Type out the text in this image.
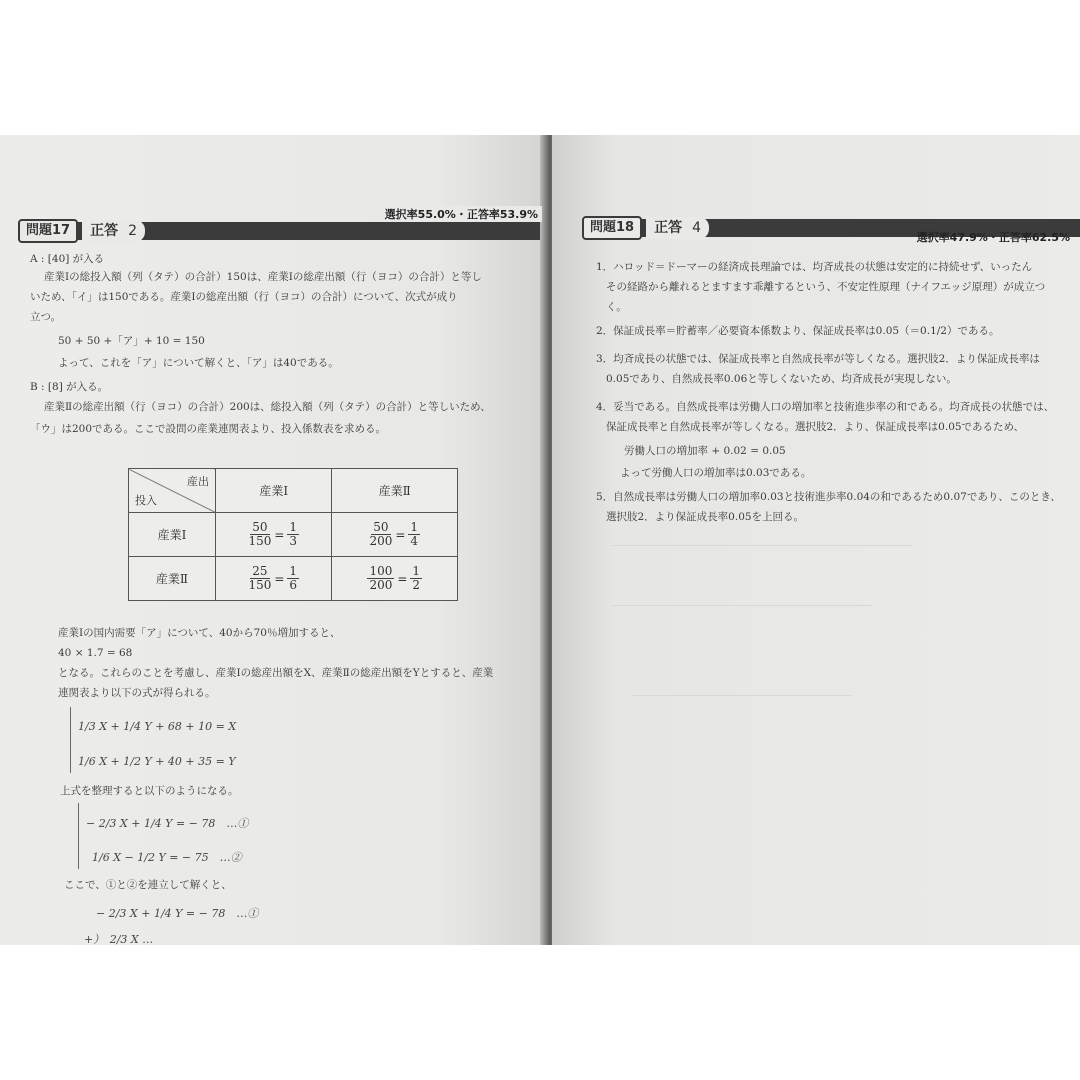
問題17	正答 2
選択率55.0%・正答率53.9%
A : [40] が入る
産業Ⅰの総投入額（列（タテ）の合計）150は、産業Ⅰの総産出額（行（ヨコ）の合計）と等し
いため、「イ」は150である。産業Ⅰの総産出額（行（ヨコ）の合計）について、次式が成り
立つ。
50 + 50 +「ア」+ 10 = 150
よって、これを「ア」について解くと、「ア」は40である。
B : [8] が入る。
産業Ⅱの総産出額（行（ヨコ）の合計）200は、総投入額（列（タテ）の合計）と等しいため、
「ウ」は200である。ここで設問の産業連関表より、投入係数表を求める。
産出
投入	産業Ⅰ	産業Ⅱ
産業Ⅰ	$\frac{50}{150} = \frac{1}{3}$	$\frac{50}{200} = \frac{1}{4}$

産業Ⅱ	$\frac{25}{150} = \frac{1}{6}$	$\frac{100}{200} = \frac{1}{2}$
産業Ⅰの国内需要「ア」について、40から70％増加すると、
40 × 1.7 = 68
となる。これらのことを考慮し、産業Ⅰの総産出額をX、産業Ⅱの総産出額をYとすると、産業
連関表より以下の式が得られる。
1/3 X + 1/4 Y + 68 + 10 = X
1/6 X + 1/2 Y + 40 + 35 = Y
上式を整理すると以下のようになる。
− 2/3 X + 1/4 Y = − 78　…①
1/6 X − 1/2 Y = − 75　…②
ここで、①と②を連立して解くと、
− 2/3 X + 1/4 Y = − 78　…①
+）　2/3 X …
問題18	正答 4
選択率47.9%・正答率62.5%
1．ハロッド＝ドーマーの経済成長理論では、均斉成長の状態は安定的に持続せず、いったん
その経路から離れるとますます乖離するという、不安定性原理（ナイフエッジ原理）が成立つ
く。
2．保証成長率＝貯蓄率／必要資本係数より、保証成長率は0.05（＝0.1/2）である。
3．均斉成長の状態では、保証成長率と自然成長率が等しくなる。選択肢2．より保証成長率は
0.05であり、自然成長率0.06と等しくないため、均斉成長が実現しない。
4．妥当である。自然成長率は労働人口の増加率と技術進歩率の和である。均斉成長の状態では、
保証成長率と自然成長率が等しくなる。選択肢2．より、保証成長率は0.05であるため、
労働人口の増加率 + 0.02 = 0.05
よって労働人口の増加率は0.03である。
5．自然成長率は労働人口の増加率0.03と技術進歩率0.04の和であるため0.07であり、このとき、
選択肢2．より保証成長率0.05を上回る。
